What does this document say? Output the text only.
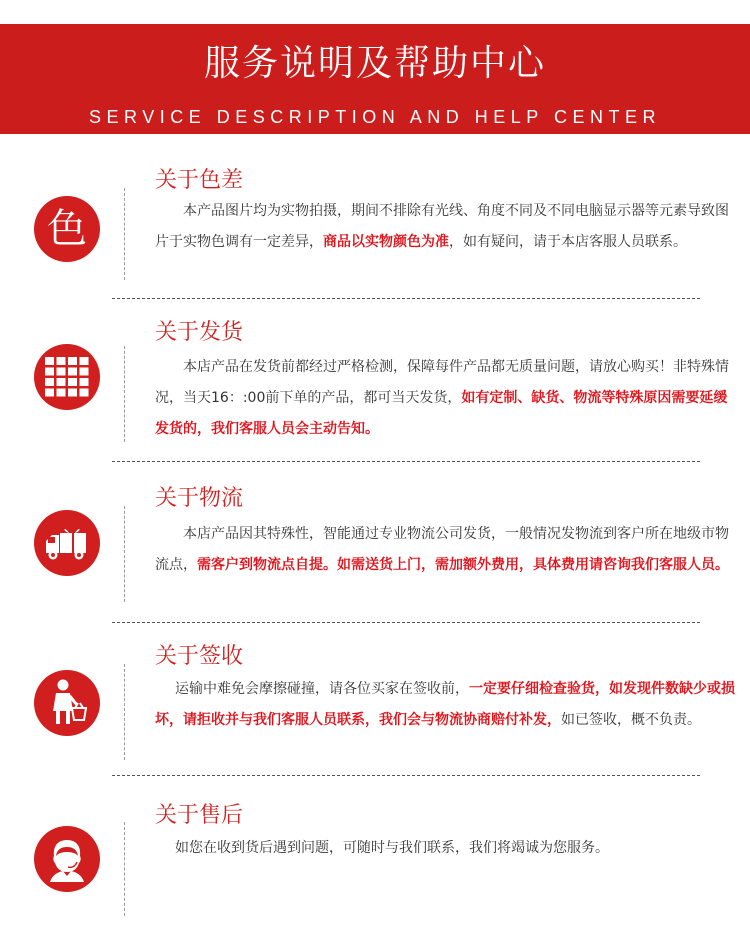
服务说明及帮助中心
SERVICE DESCRIPTION AND HELP CENTER
色
关于色差
本产品图片均为实物拍摄，期间不排除有光线、角度不同及不同电脑显示器等元素导致图片于实物色调有一定差异，商品以实物颜色为准，如有疑问，请于本店客服人员联系。
关于发货
本店产品在发货前都经过严格检测，保障每件产品都无质量问题，请放心购买！非特殊情况，当天16：:00前下单的产品，都可当天发货，如有定制、缺货、物流等特殊原因需要延缓发货的，我们客服人员会主动告知。
关于物流
本店产品因其特殊性，智能通过专业物流公司发货，一般情况发物流到客户所在地级市物流点，需客户到物流点自提。如需送货上门，需加额外费用，具体费用请咨询我们客服人员。
关于签收
运输中难免会摩擦碰撞，请各位买家在签收前，一定要仔细检查验货，如发现件数缺少或损坏，请拒收并与我们客服人员联系，我们会与物流协商赔付补发，如已签收，概不负责。
关于售后
如您在收到货后遇到问题，可随时与我们联系，我们将竭诚为您服务。
